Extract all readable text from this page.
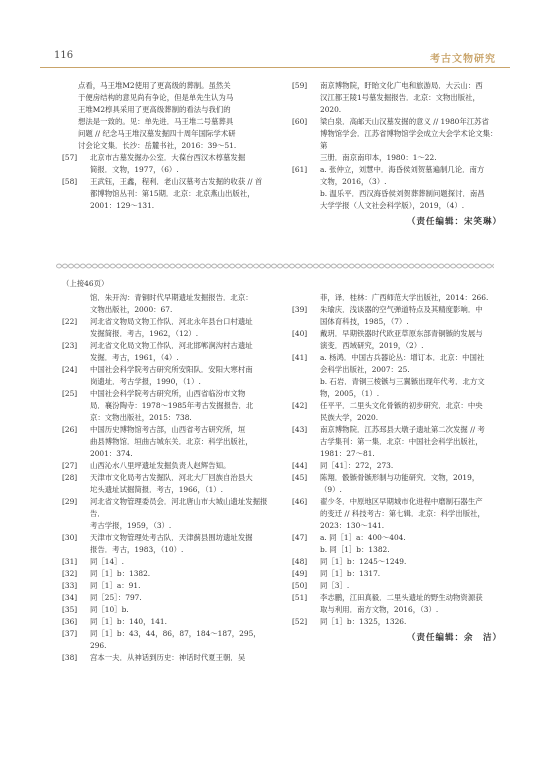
116	考古文物研究
点看，马王堆M2使用了更高级的葬制。虽然关
于便房结构的意见尚有争论，但是单先生认为马
王堆M2椁具采用了更高级葬制的看法与我们的
想法是一致的。见：单先进．马王堆二号墓葬具
问题 // 纪念马王堆汉墓发掘四十周年国际学术研
讨会论文集．长沙：岳麓书社，2016：39～51.
[57]	北京市古墓发掘办公室．大葆台西汉木椁墓发掘
简报．文物，1977，（6）.
[58]	王武钰，王鑫，程利．老山汉墓考古发掘的收获 // 首
都博物馆丛刊：第15期．北京：北京燕山出版社，
2001：129～131.
[59]	南京博物院，盱眙文化广电和旅游局．大云山：西
汉江都王陵1号墓发掘报告．北京：文物出版社，
2020.
[60]	梁白泉．高邮天山汉墓发掘的意义 // 1980年江苏省
博物馆学会．江苏省博物馆学会成立大会学术论文集：第
三册．南京南印本，1980：1～22.
[61]	a. 张仲立，刘慧中．海昏侯刘贺墓遍制几论．南方
文物，2016，（3）.
b. 温乐平．西汉海昏侯刘贺葬葬制问题探讨．南昌
大学学报（人文社会科学版），2019，（4）.
（责任编辑：宋笑琳）
（上接46页）
馆．朱开沟：青铜时代早期遗址发掘报告．北京：
文物出版社，2000：67.
[22]	河北省文物局文物工作队．河北永年县台口村遗址
发掘简报．考古，1962，（12）.
[23]	河北省文化局文物工作队．河北邯郸涧沟村古遗址
发掘．考古，1961，（4）.
[24]	中国社会科学院考古研究所安阳队．安阳大寒村南
岗遗址．考古学报，1990，（1）.
[25]	中国社会科学院考古研究所，山西省临汾市文物
局．襄汾陶寺：1978～1985年考古发掘报告．北
京：文物出版社，2015：738.
[26]	中国历史博物馆考古部，山西省考古研究所，垣
曲县博物馆．垣曲古城东关．北京：科学出版社，
2001：374.
[27]	山西沁水八里坪遗址发掘负责人赵辉告知。
[28]	天津市文化局考古发掘队．河北大厂回族自治县大
坨头遗址试掘简报．考古，1966，（1）.
[29]	河北省文物管理委员会．河北唐山市大城山遗址发掘报告．
考古学报，1959，（3）.
[30]	天津市文物管理处考古队．天津蓟县围坊遗址发掘
报告．考古，1983，（10）.
[31]	同［14］.
[32]	同［1］b：1382.
[33]	同［1］a：91.
[34]	同［25］：797.
[35]	同［10］b.
[36]	同［1］b：140，141.
[37]	同［1］b：43，44，86，87，184～187，295，296.
[38]	宫本一夫．从神话到历史：神话时代夏王朝．吴
菲，译．桂林：广西师范大学出版社，2014：266.
[39]	朱瑜庆．浅谈器的空气弹道特点及其精度影响．中
国体育科技，1985，（7）.
[40]	戴玥．早期铁器时代欧亚草原东部青铜镞的发展与
演变．西域研究，2019，（2）.
[41]	a. 杨鸿．中国古兵器论丛：增订本．北京：中国社
会科学出版社，2007：25.
b. 石岩．青铜三棱镞与三翼镞出现年代考．北方文
物，2005，（1）.
[42]	任平平．二里头文化骨镞的初步研究．北京：中央
民族大学，2020.
[43]	南京博物院．江苏邳县大墩子遗址第二次发掘 // 考
古学集刊：第一集．北京：中国社会科学出版社，
1981：27～81.
[44]	同［41］：272，273.
[45]	陈翔．骰镞骨镞形制与功能研究．文物，2019，
（9）.
[46]	翟少冬．中原地区早期城市化进程中磨制石器生产
的变迁 // 科技考古：第七辑．北京：科学出版社，
2023：130～141.
[47]	a. 同［1］a：400～404.
b. 同［1］b：1382.
[48]	同［1］b：1245～1249.
[49]	同［1］b：1317.
[50]	同［3］.
[51]	李志鹏，江田真毅．二里头遗址的野生动物资源获
取与利用．南方文物，2016，（3）.
[52]	同［1］b：1325，1326.
（责任编辑：余　洁）
